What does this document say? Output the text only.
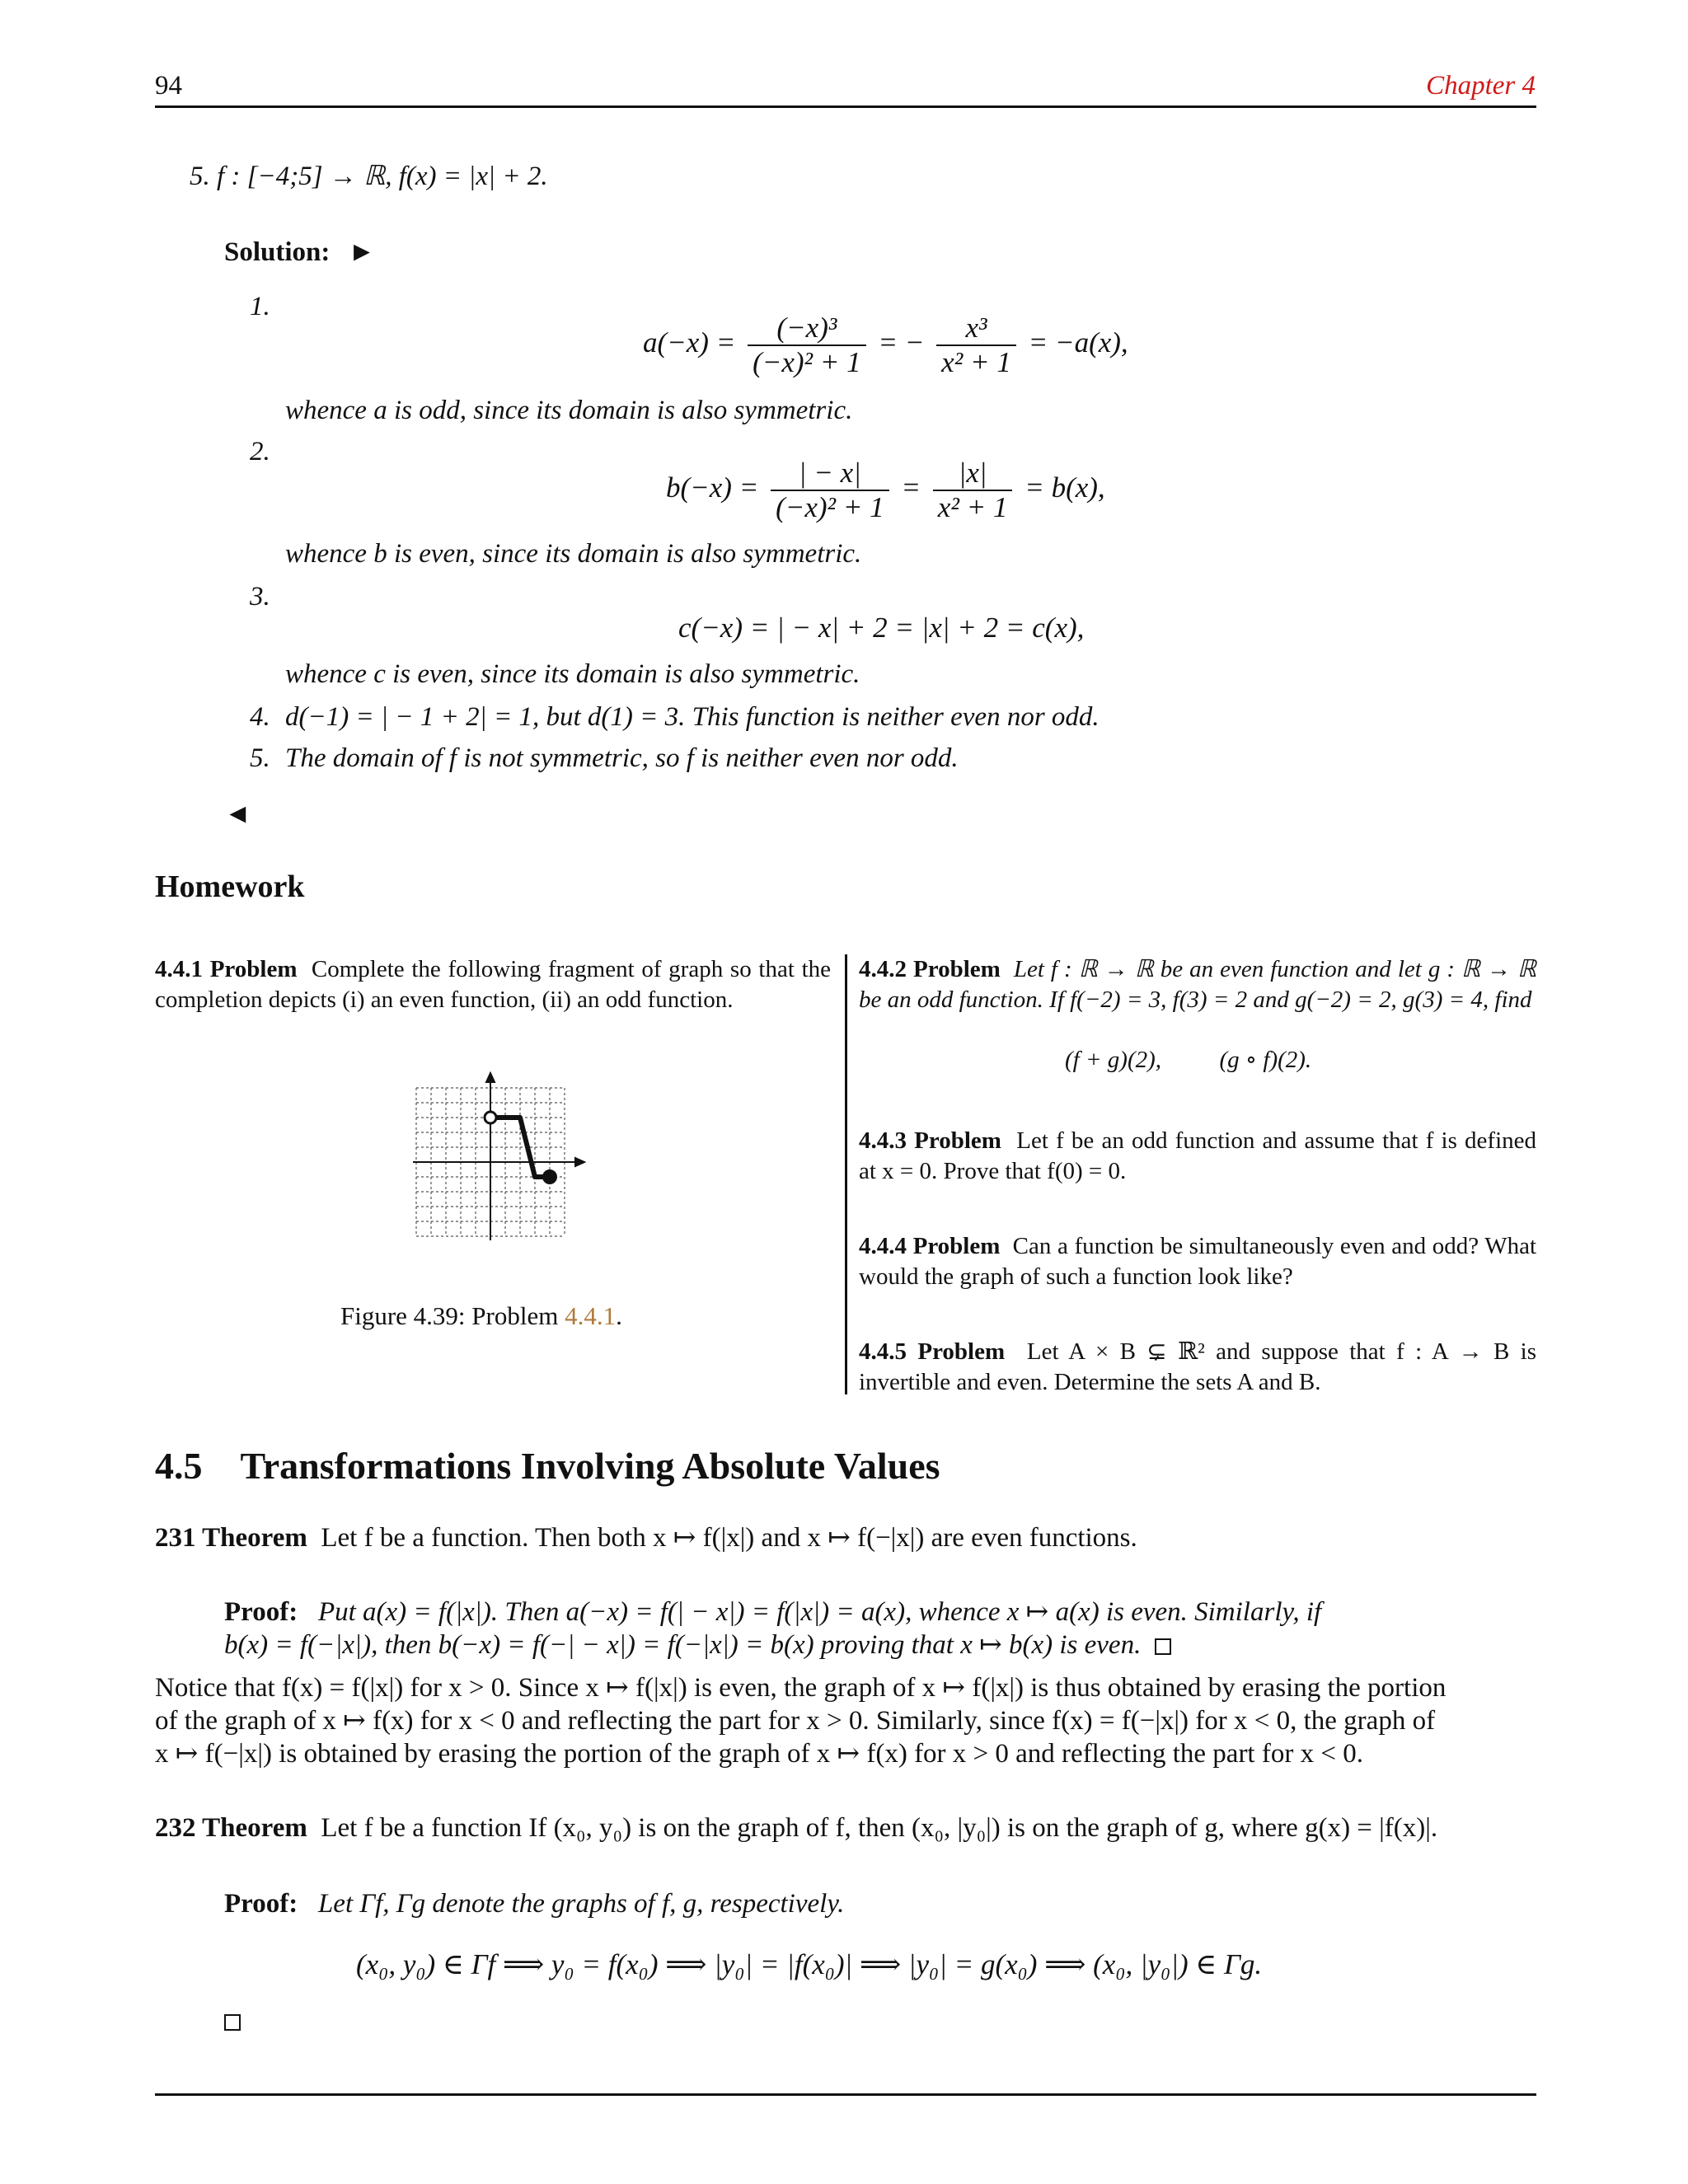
94	Chapter 4
5. f : [−4;5] → ℝ, f(x) = |x| + 2.
Solution: ►
1.
$a(-x) = \frac{\text{(−x)³}}{\text{(−x)² + 1}}$ = − $\frac{\text{x³}}{\text{x² + 1}} = -a(x)$,
whence a is odd, since its domain is also symmetric.
2.
$b(-x) = \frac{| - x|}{\text{(−x)² + 1}} = \frac{|x|}{\text{x² + 1}} = b(x)$,
whence b is even, since its domain is also symmetric.
3.
c(−x) = | − x| + 2 = |x| + 2 = c(x),
whence c is even, since its domain is also symmetric.
4. d(−1) = | − 1 + 2| = 1, but d(1) = 3. This function is neither even nor odd.
5. The domain of f is not symmetric, so f is neither even nor odd.
◄
Homework
4.4.1 Problem Complete the following fragment of graph so that the completion depicts (i) an even function, (ii) an odd function.
Figure 4.39: Problem 4.4.1.
4.4.2 Problem Let f : ℝ → ℝ be an even function and let g : ℝ → ℝ be an odd function. If f(−2) = 3, f(3) = 2 and g(−2) = 2, g(3) = 4, find
(f + g)(2), (g ∘ f)(2).
4.4.3 Problem Let f be an odd function and assume that f is defined at x = 0. Prove that f(0) = 0.
4.4.4 Problem Can a function be simultaneously even and odd? What would the graph of such a function look like?
4.4.5 Problem Let A × B ⊊ ℝ² and suppose that f : A → B is invertible and even. Determine the sets A and B.
4.5 Transformations Involving Absolute Values
231 Theorem Let f be a function. Then both x ↦ f(|x|) and x ↦ f(−|x|) are even functions.
Proof: Put a(x) = f(|x|). Then a(−x) = f(| − x|) = f(|x|) = a(x), whence x ↦ a(x) is even. Similarly, if
b(x) = f(−|x|), then b(−x) = f(−| − x|) = f(−|x|) = b(x) proving that x ↦ b(x) is even.
Notice that f(x) = f(|x|) for x > 0. Since x ↦ f(|x|) is even, the graph of x ↦ f(|x|) is thus obtained by erasing the portion
of the graph of x ↦ f(x) for x < 0 and reflecting the part for x > 0. Similarly, since f(x) = f(−|x|) for x < 0, the graph of
x ↦ f(−|x|) is obtained by erasing the portion of the graph of x ↦ f(x) for x > 0 and reflecting the part for x < 0.
232 Theorem Let f be a function If (x₀, y₀) is on the graph of f, then (x₀, |y₀|) is on the graph of g, where g(x) = |f(x)|.
Proof: Let Γf, Γg denote the graphs of f, g, respectively.
(x₀, y₀) ∈ Γf ⟹ y₀ = f(x₀) ⟹ |y₀| = |f(x₀)| ⟹ |y₀| = g(x₀) ⟹ (x₀, |y₀|) ∈ Γg.
